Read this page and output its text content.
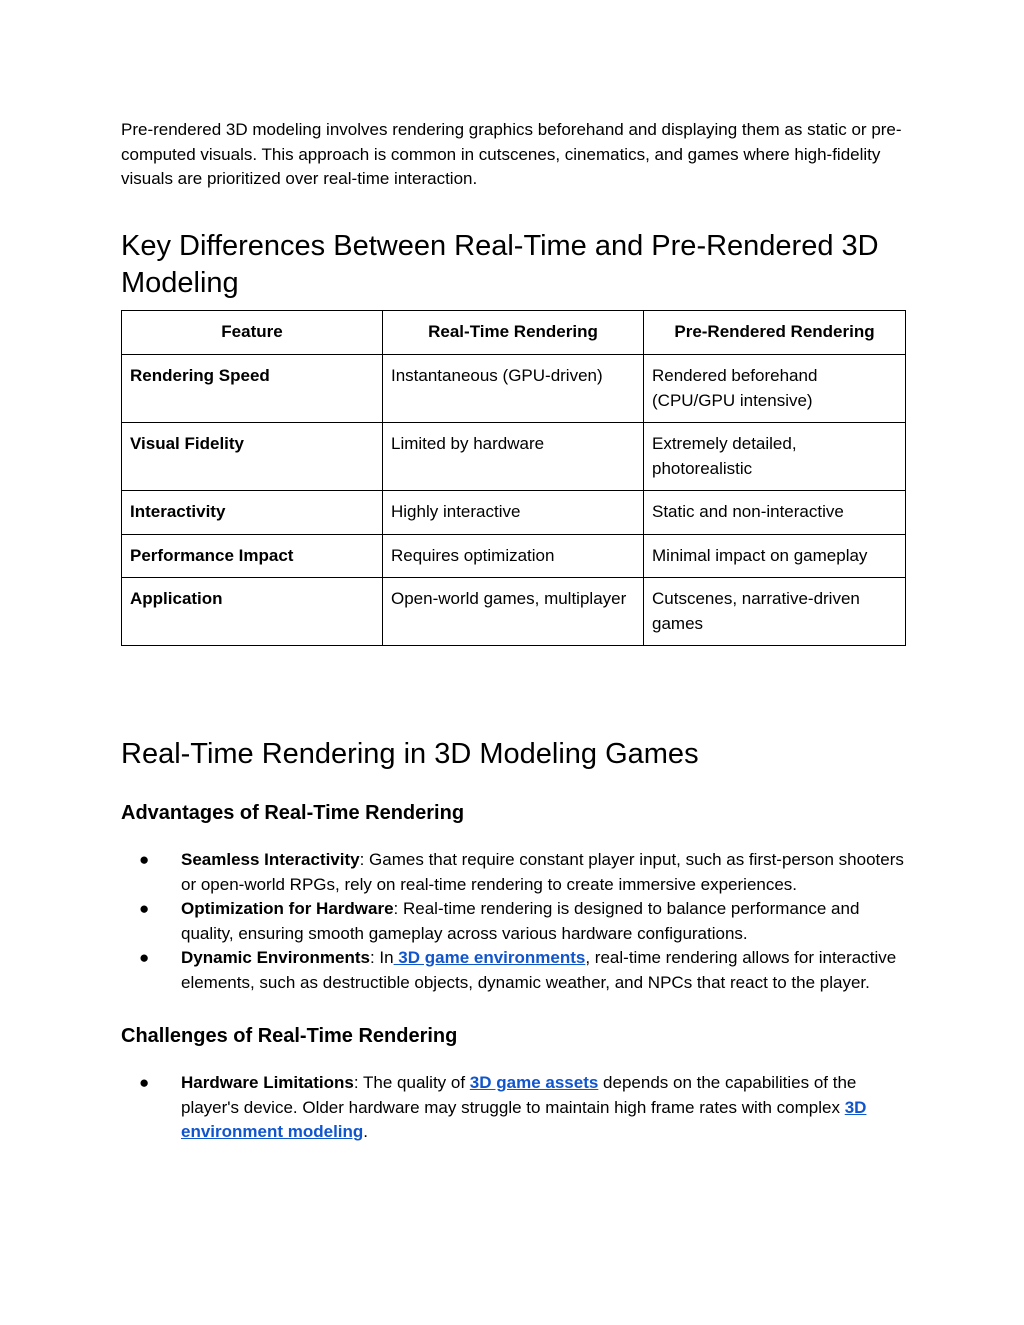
Pre-rendered 3D modeling involves rendering graphics beforehand and displaying them as static or pre-computed visuals. This approach is common in cutscenes, cinematics, and games where high-fidelity visuals are prioritized over real-time interaction.

Key Differences Between Real-Time and Pre-Rendered 3D Modeling
Feature	Real-Time Rendering	Pre-Rendered Rendering
Rendering Speed	Instantaneous (GPU-driven)	Rendered beforehand (CPU/GPU intensive)
Visual Fidelity	Limited by hardware	Extremely detailed, photorealistic
Interactivity	Highly interactive	Static and non-interactive
Performance Impact	Requires optimization	Minimal impact on gameplay
Application	Open-world games, multiplayer	Cutscenes, narrative-driven games
Real-Time Rendering in 3D Modeling Games
Advantages of Real-Time Rendering
● Seamless Interactivity: Games that require constant player input, such as first-person shooters or open-world RPGs, rely on real-time rendering to create immersive experiences.
● Optimization for Hardware: Real-time rendering is designed to balance performance and quality, ensuring smooth gameplay across various hardware configurations.
● Dynamic Environments: In 3D game environments, real-time rendering allows for interactive elements, such as destructible objects, dynamic weather, and NPCs that react to the player.
Challenges of Real-Time Rendering
● Hardware Limitations: The quality of 3D game assets depends on the capabilities of the player's device. Older hardware may struggle to maintain high frame rates with complex 3D environment modeling.
